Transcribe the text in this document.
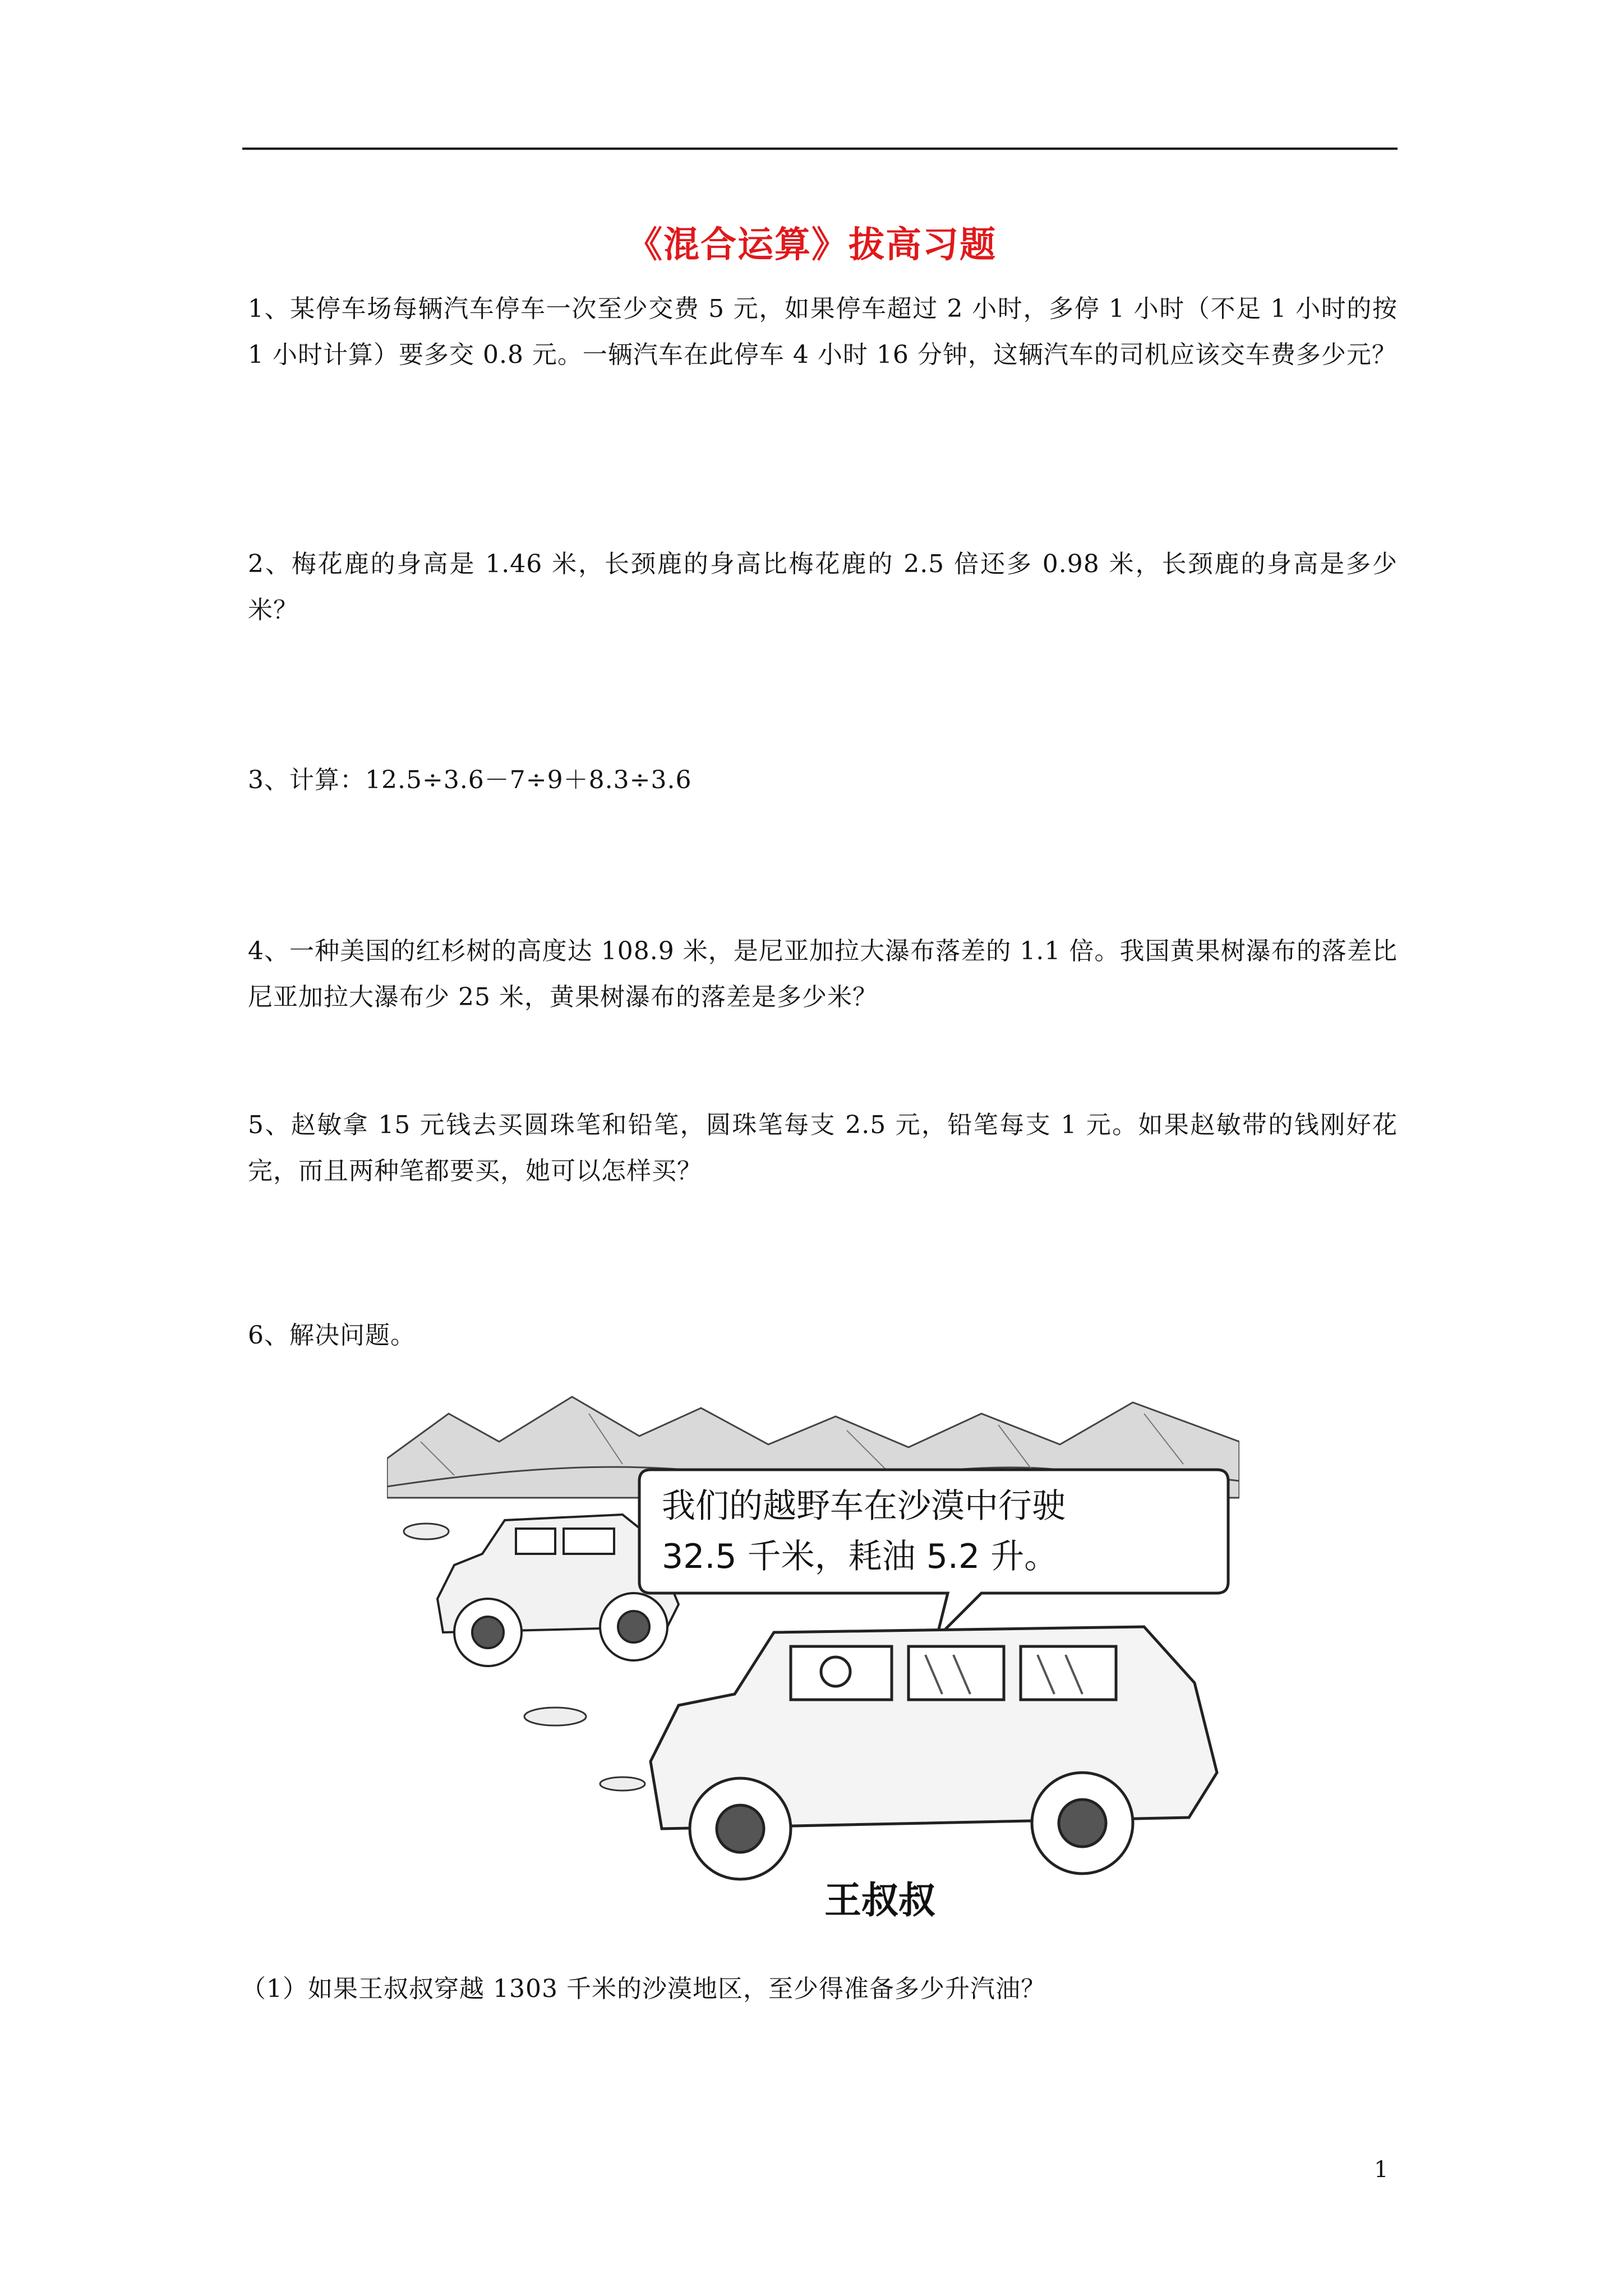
《混合运算》拔高习题
1、某停车场每辆汽车停车一次至少交费 5 元，如果停车超过 2 小时，多停 1 小时（不足 1 小时的按 1 小时计算）要多交 0.8 元。一辆汽车在此停车 4 小时 16 分钟，这辆汽车的司机应该交车费多少元？
2、梅花鹿的身高是 1.46 米，长颈鹿的身高比梅花鹿的 2.5 倍还多 0.98 米，长颈鹿的身高是多少米？
3、计算：12.5÷3.6－7÷9＋8.3÷3.6
4、一种美国的红杉树的高度达 108.9 米，是尼亚加拉大瀑布落差的 1.1 倍。我国黄果树瀑布的落差比尼亚加拉大瀑布少 25 米，黄果树瀑布的落差是多少米？
5、赵敏拿 15 元钱去买圆珠笔和铅笔，圆珠笔每支 2.5 元，铅笔每支 1 元。如果赵敏带的钱刚好花完，而且两种笔都要买，她可以怎样买？
6、解决问题。
我们的越野车在沙漠中行驶
32.5 千米，耗油 5.2 升。
王叔叔
（1）如果王叔叔穿越 1303 千米的沙漠地区，至少得准备多少升汽油？
1
